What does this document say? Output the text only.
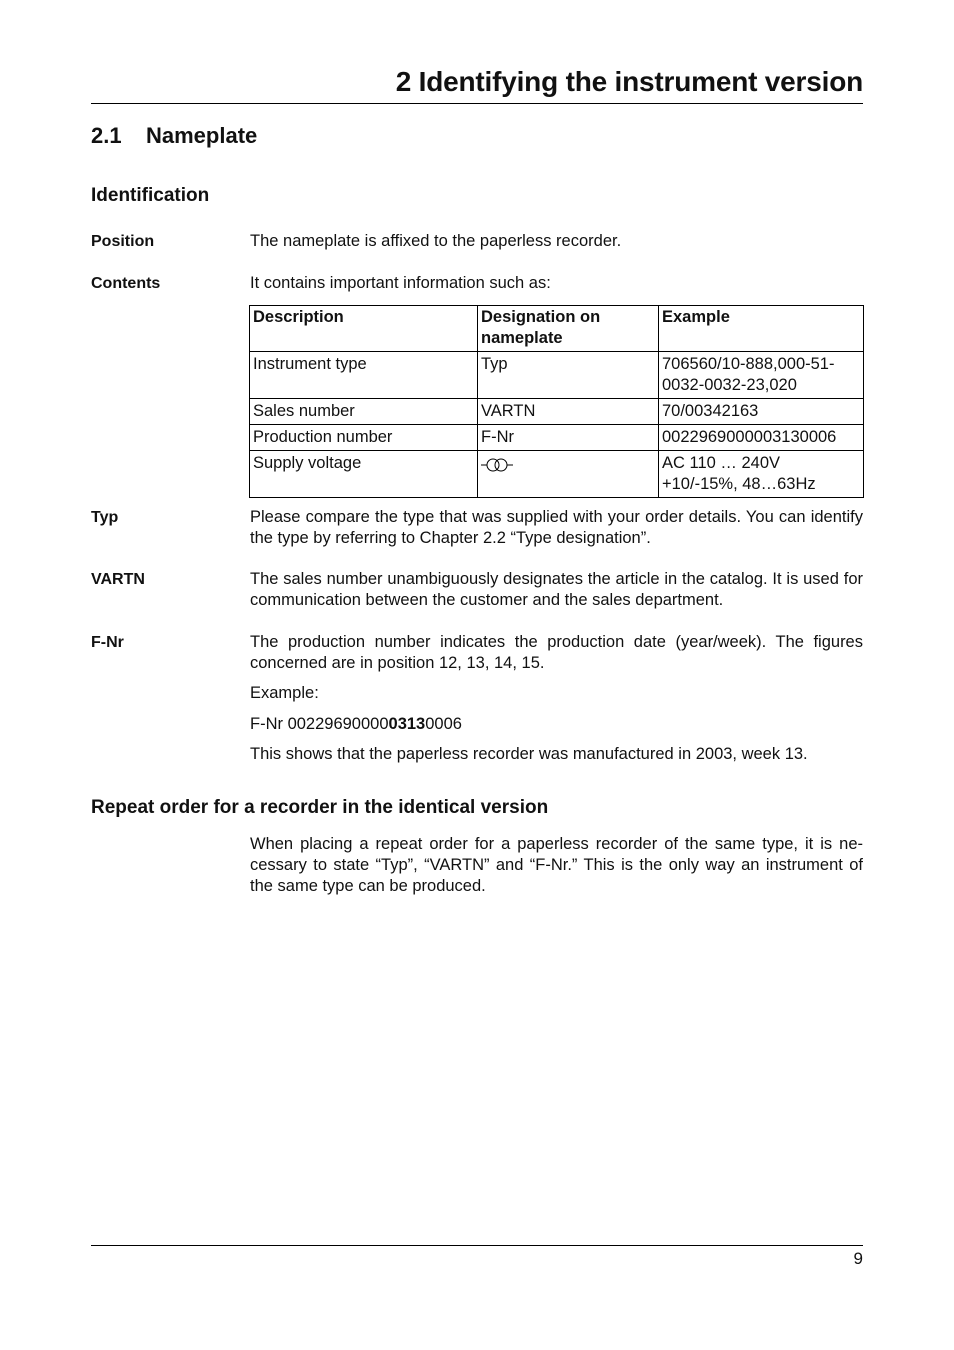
2 Identifying the instrument version
2.1 Nameplate
Identification
Position	The nameplate is affixed to the paperless recorder.

Contents	It contains important information such as:

Description	Designation on nameplate	Example
Instrument type	Typ	706560/10-888,000-51-0032-0032-23,020
Sales number	VARTN	70/00342163
Production number	F-Nr	0022969000003130006
Supply voltage		AC 110 … 240V +10/-15%, 48…63Hz
Typ	Please compare the type that was supplied with your order details. You can identify the type by referring to Chapter 2.2 “Type designation”.

VARTN	The sales number unambiguously designates the article in the catalog. It is used for communication between the customer and the sales department.

F-Nr	The production number indicates the production date (year/week). The figures concerned are in position 12, 13, 14, 15.

Example:

F-Nr 0022969000003130006

This shows that the paperless recorder was manufactured in 2003, week 13.

Repeat order for a recorder in the identical version

When placing a repeat order for a paperless recorder of the same type, it is ne-cessary to state “Typ”, “VARTN” and “F-Nr.” This is the only way an instrument of the same type can be produced.

9
